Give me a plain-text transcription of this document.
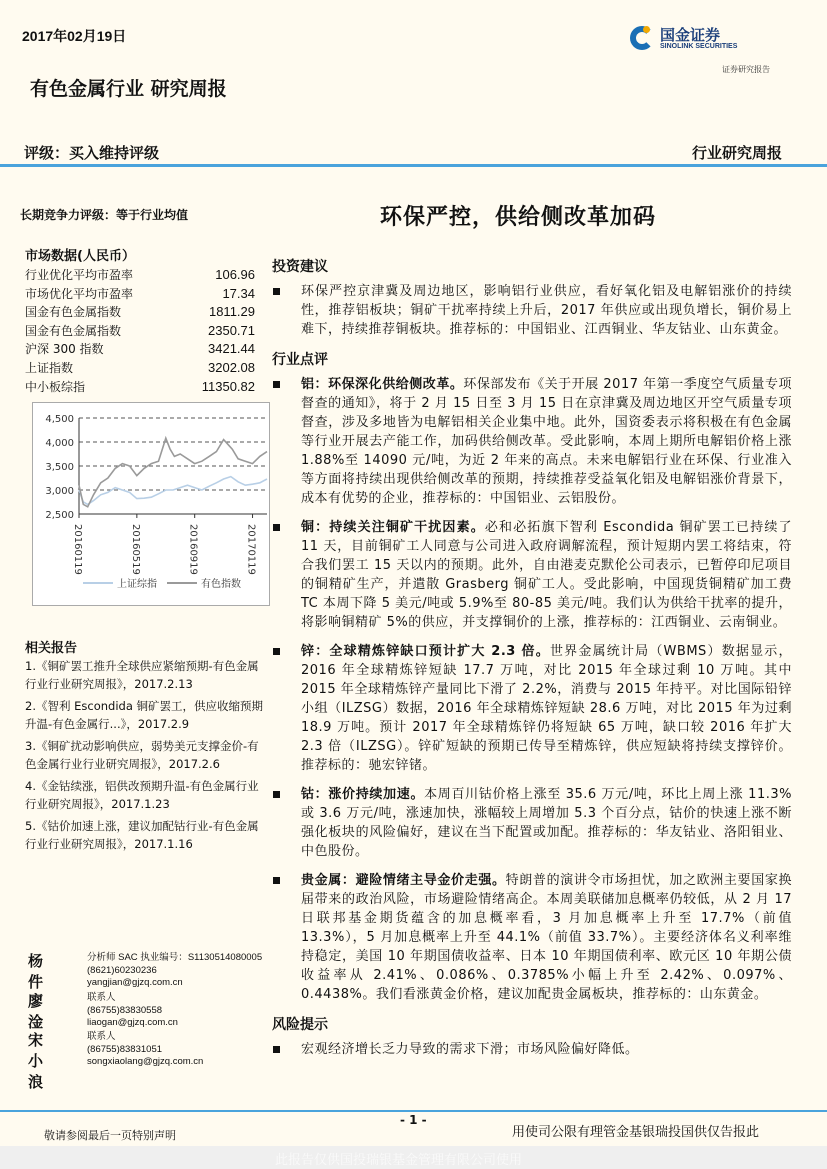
2017年02月19日	国金证券
SINOLINK SECURITIES
证券研究报告
有色金属行业 研究周报
评级：买入维持评级	行业研究周报
长期竞争力评级：等于行业均值	环保严控，供给侧改革加码
市场数据(人民币）
行业优化平均市盈率	106.96
市场优化平均市盈率	17.34
国金有色金属指数	1811.29
国金有色金属指数	2350.71
沪深 300 指数	3421.44
上证指数	3202.08
中小板综指	11350.82
4,500
4,000
3,500
3,000
2,500
20160119	20160519	20160919	20170119
上证综指	有色指数
相关报告
1.《铜矿罢工推升全球供应紧缩预期-有色金属行业行业研究周报》，2017.2.13
2.《智利 Escondida 铜矿罢工，供应收缩预期升温-有色金属行...》，2017.2.9
3.《铜矿扰动影响供应，弱势美元支撑金价-有色金属行业行业研究周报》，2017.2.6
4.《金钴续涨，铝供改预期升温-有色金属行业行业研究周报》，2017.1.23
5.《钴价加速上涨，建议加配钴行业-有色金属行业行业研究周报》，2017.1.16
杨件
分析师 SAC 执业编号：S1130514080005
(8621)60230236
yangjian@gjzq.com.cn
廖淦
联系人
(86755)83830558
liaogan@gjzq.com.cn
宋小浪
联系人
(86755)83831051
songxiaolang@gjzq.com.cn
投资建议
环保严控京津冀及周边地区，影响铝行业供应，看好氧化铝及电解铝涨价的持续性，推荐铝板块；铜矿干扰率持续上升后，2017 年供应或出现负增长，铜价易上难下，持续推荐铜板块。推荐标的：中国铝业、江西铜业、华友钴业、山东黄金。
行业点评
铝：环保深化供给侧改革。环保部发布《关于开展 2017 年第一季度空气质量专项督查的通知》，将于 2 月 15 日至 3 月 15 日在京津冀及周边地区开空气质量专项督查，涉及多地皆为电解铝相关企业集中地。此外，国资委表示将积极在有色金属等行业开展去产能工作，加码供给侧改革。受此影响，本周上期所电解铝价格上涨 1.88%至 14090 元/吨，为近 2 年来的高点。未来电解铝行业在环保、行业准入等方面将持续出现供给侧改革的预期，持续推荐受益氧化铝及电解铝涨价背景下，成本有优势的企业，推荐标的：中国铝业、云铝股份。
铜：持续关注铜矿干扰因素。必和必拓旗下智利 Escondida 铜矿罢工已持续了 11 天，目前铜矿工人同意与公司进入政府调解流程，预计短期内罢工将结束，符合我们罢工 15 天以内的预期。此外，自由港麦克默伦公司表示，已暂停印尼项目的铜精矿生产，并遣散 Grasberg 铜矿工人。受此影响，中国现货铜精矿加工费 TC 本周下降 5 美元/吨或 5.9%至 80-85 美元/吨。我们认为供给干扰率的提升，将影响铜精矿 5%的供应，并支撑铜价的上涨，推荐标的：江西铜业、云南铜业。
锌：全球精炼锌缺口预计扩大 2.3 倍。世界金属统计局（WBMS）数据显示，2016 年全球精炼锌短缺 17.7 万吨，对比 2015 年全球过剩 10 万吨。其中 2015 年全球精炼锌产量同比下滑了 2.2%，消费与 2015 年持平。对比国际铅锌小组（ILZSG）数据，2016 年全球精炼锌短缺 28.6 万吨，对比 2015 年为过剩 18.9 万吨。预计 2017 年全球精炼锌仍将短缺 65 万吨，缺口较 2016 年扩大 2.3 倍（ILZSG）。锌矿短缺的预期已传导至精炼锌，供应短缺将持续支撑锌价。推荐标的：驰宏锌锗。
钴：涨价持续加速。本周百川钴价格上涨至 35.6 万元/吨，环比上周上涨 11.3%或 3.6 万元/吨，涨速加快，涨幅较上周增加 5.3 个百分点，钴价的快速上涨不断强化板块的风险偏好，建议在当下配置或加配。推荐标的：华友钴业、洛阳钼业、中色股份。
贵金属：避险情绪主导金价走强。特朗普的演讲令市场担忧，加之欧洲主要国家换届带来的政治风险，市场避险情绪高企。本周美联储加息概率仍较低，从 2 月 17 日联邦基金期货蕴含的加息概率看，3 月加息概率上升至 17.7%（前值 13.3%），5 月加息概率上升至 44.1%（前值 33.7%）。主要经济体名义利率维持稳定，美国 10 年期国债收益率、日本 10 年期国债利率、欧元区 10 年期公债收益率从 2.41%、0.086%、0.3785%小幅上升至 2.42%、0.097%、0.4438%。我们看涨黄金价格，建议加配贵金属板块，推荐标的：山东黄金。
风险提示
宏观经济增长乏力导致的需求下滑；市场风险偏好降低。
- 1 -
敬请参阅最后一页特别声明	用使司公限有理管金基银瑞投国供仅告报此
此报告仅供国投瑞银基金管理有限公司使用
